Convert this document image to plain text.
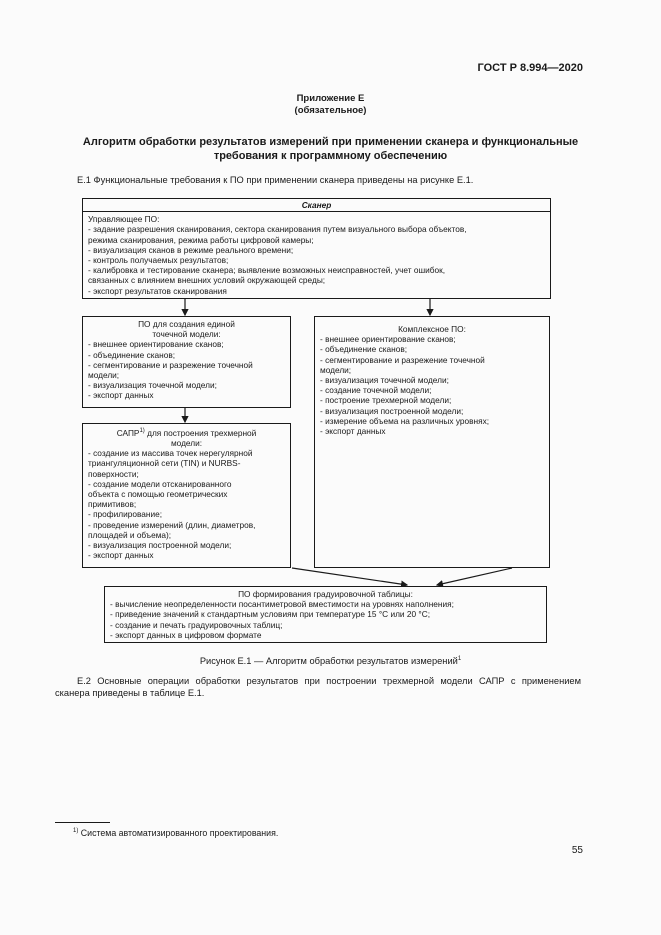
ГОСТ Р 8.994—2020
Приложение Е
(обязательное)
Алгоритм обработки результатов измерений при применении сканера и функциональные
требования к программному обеспечению
Е.1 Функциональные требования к ПО при применении сканера приведены на рисунке Е.1.
Сканер
Управляющее ПО:
- задание разрешения сканирования, сектора сканирования путем визуального выбора объектов,
режима сканирования, режима работы цифровой камеры;
- визуализация сканов в режиме реального времени;
- контроль получаемых результатов;
- калибровка и тестирование сканера; выявление возможных неисправностей, учет ошибок,
связанных с влиянием внешних условий окружающей среды;
- экспорт результатов сканирования
ПО для создания единой
точечной модели:
- внешнее ориентирование сканов;
- объединение сканов;
- сегментирование и разрежение точечной
модели;
- визуализация точечной модели;
- экспорт данных
Комплексное ПО:
- внешнее ориентирование сканов;
- объединение сканов;
- сегментирование и разрежение точечной
модели;
- визуализация точечной модели;
- создание точечной модели;
- построение трехмерной модели;
- визуализация построенной модели;
- измерение объема на различных уровнях;
- экспорт данных
САПР$^{1)}$ для построения трехмерной
модели:
- создание из массива точек нерегулярной
триангуляционной сети (TIN) и NURBS-
поверхности;
- создание модели отсканированного
объекта с помощью геометрических
примитивов;
- профилирование;
- проведение измерений (длин, диаметров,
площадей и объема);
- визуализация построенной модели;
- экспорт данных
ПО формирования градуировочной таблицы:
- вычисление неопределенности посантиметровой вместимости на уровнях наполнения;
- приведение значений к стандартным условиям при температуре 15 °С или 20 °С;
- создание и печать градуировочных таблиц;
- экспорт данных в цифровом формате
Рисунок Е.1 — Алгоритм обработки результатов измерений$^1$
Е.2 Основные операции обработки результатов при построении трехмерной модели САПР с применением
сканера приведены в таблице Е.1.
$^{1)}$ Система автоматизированного проектирования.
55
